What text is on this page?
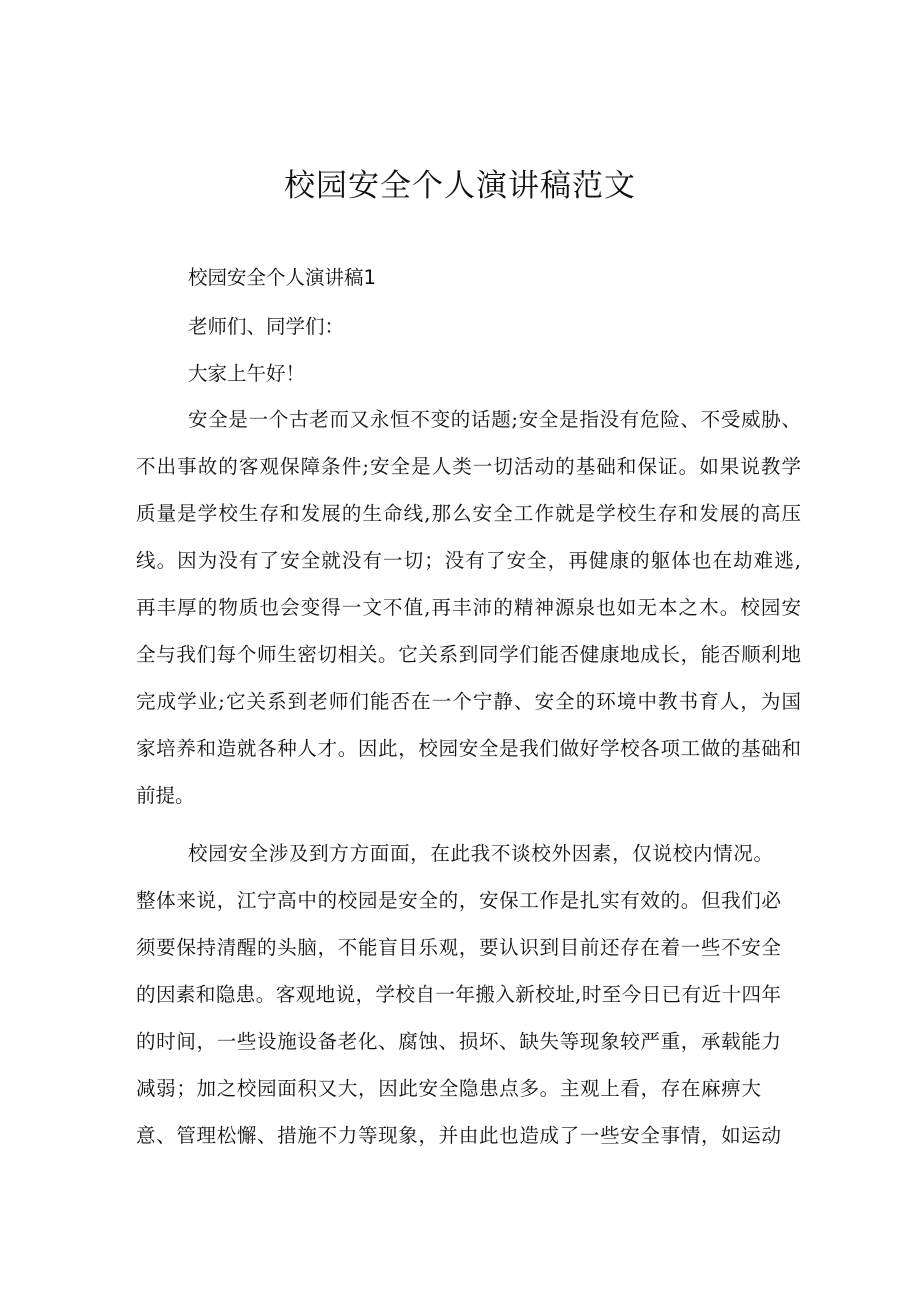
校园安全个人演讲稿范文
校园安全个人演讲稿1
老师们、同学们：
大家上午好！
安全是一个古老而又永恒不变的话题;安全是指没有危险、不受威胁、
不出事故的客观保障条件;安全是人类一切活动的基础和保证。如果说教学
质量是学校生存和发展的生命线,那么安全工作就是学校生存和发展的高压
线。因为没有了安全就没有一切；没有了安全，再健康的躯体也在劫难逃,
再丰厚的物质也会变得一文不值,再丰沛的精神源泉也如无本之木。校园安
全与我们每个师生密切相关。它关系到同学们能否健康地成长，能否顺利地
完成学业;它关系到老师们能否在一个宁静、安全的环境中教书育人，为国
家培养和造就各种人才。因此，校园安全是我们做好学校各项工做的基础和
前提。
校园安全涉及到方方面面，在此我不谈校外因素，仅说校内情况。
整体来说，江宁高中的校园是安全的，安保工作是扎实有效的。但我们必
须要保持清醒的头脑，不能盲目乐观，要认识到目前还存在着一些不安全
的因素和隐患。客观地说，学校自一年搬入新校址,时至今日已有近十四年
的时间，一些设施设备老化、腐蚀、损坏、缺失等现象较严重，承载能力
减弱；加之校园面积又大，因此安全隐患点多。主观上看，存在麻痹大
意、管理松懈、措施不力等现象，并由此也造成了一些安全事情，如运动
